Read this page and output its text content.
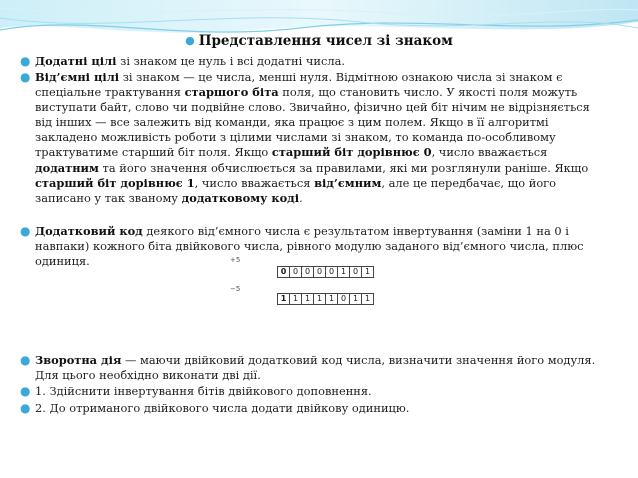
● Представлення чисел зі знаком
● Додатні цілі зі знаком це нуль і всі додатні числа.
● Від’ємні цілі зі знаком — це числа, менші нуля. Відмітною ознакою числа зі знаком є спеціальне трактування старшого біта поля, що становить число. У якості поля можуть виступати байт, слово чи подвійне слово. Звичайно, фізично цей біт нічим не відрізняється від інших — все залежить від команди, яка працює з цим полем. Якщо в її алгоритмі закладено можливість роботи з цілими числами зі знаком, то команда по-особливому трактуватиме старший біт поля. Якщо старший біт дорівнює 0, число вважається додатним та його значення обчислюється за правилами, які ми розглянули раніше. Якщо старший біт дорівнює 1, число вважається від’ємним, але це передбачає, що його записано у так званому додатковому коді.
● Додатковий код деякого від’ємного числа є результатом інвертування (заміни 1 на 0 і навпаки) кожного біта двійкового числа, рівного модулю заданого від’ємного числа, плюс одиниця.	+5
−5
0 0 0 0 0 1 0 1
1 1 1 1 1 0 1 1
● Зворотна дія — маючи двійковий додатковий код числа, визначити значення його модуля. Для цього необхідно виконати дві дії.
● 1. Здійснити інвертування бітів двійкового доповнення.
● 2. До отриманого двійкового числа додати двійкову одиницю.
